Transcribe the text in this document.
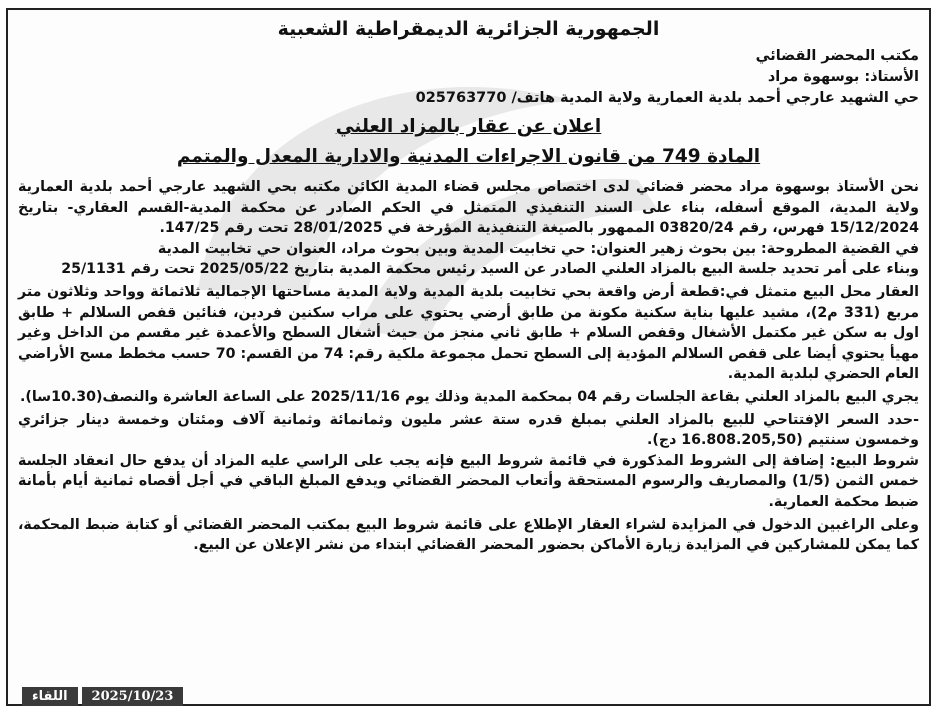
الجمهورية الجزائرية الديمقراطية الشعبية
مكتب المحضر القضائي
الأستاذ: بوسهوة مراد
حي الشهيد عارجي أحمد بلدية العمارية ولاية المدية هاتف/ 025763770
اعلان عن عقار بالمزاد العلني
المادة 749 من قانون الاجراءات المدنية والادارية المعدل والمتمم
نحن الأستاذ بوسهوة مراد محضر قضائي لدى اختصاص مجلس قضاء المدية الكائن مكتبه بحي الشهيد عارجي أحمد بلدية العمارية ولاية المدية، الموقع أسفله، بناء على السند التنفيذي المتمثل في الحكم الصادر عن محكمة المدية-القسم العقاري- بتاريخ 15/12/2024 فهرس، رقم 03820/24 الممهور بالصيغة التنفيذية المؤرخة في 28/01/2025 تحت رقم 147/25.
في القضية المطروحة: بين بحوث زهير العنوان: حي تخابيت المدية وبين بحوث مراد، العنوان حي تخابيت المدية
وبناء على أمر تحديد جلسة البيع بالمزاد العلني الصادر عن السيد رئيس محكمة المدية بتاريخ 2025/05/22 تحت رقم 25/1131
العقار محل البيع متمثل في:قطعة أرض واقعة بحي تخابيت بلدية المدية ولاية المدية مساحتها الإجمالية ثلاثمائة وواحد وثلاثون متر مربع (331 م2)، مشيد عليها بناية سكنية مكونة من طابق أرضي يحتوي على مراب سكنين فردين، فنائين قفص السلالم + طابق اول به سكن غير مكتمل الأشغال وقفص السلام + طابق ثاني منجز من حيث أشغال السطح والأعمدة غير مقسم من الداخل وغير مهيأ يحتوي أيضا على قفص السلالم المؤدية إلى السطح تحمل مجموعة ملكية رقم: 74 من القسم: 70 حسب مخطط مسح الأراضي العام الحضري لبلدية المدية.
يجري البيع بالمزاد العلني بقاعة الجلسات رقم 04 بمحكمة المدية وذلك يوم 2025/11/16 على الساعة العاشرة والنصف(10.30سا).
-حدد السعر الإفتتاحي للبيع بالمزاد العلني بمبلغ قدره ستة عشر مليون وثمانمائة وثمانية آلاف ومئتان وخمسة دينار جزائري وخمسون سنتيم (16.808.205,50 دج).
شروط البيع: إضافة إلى الشروط المذكورة في قائمة شروط البيع فإنه يجب على الراسي عليه المزاد أن يدفع حال انعقاد الجلسة خمس الثمن (1/5) والمصاريف والرسوم المستحقة وأتعاب المحضر القضائي ويدفع المبلغ الباقي في أجل أقصاه ثمانية أيام بأمانة ضبط محكمة العمارية.
وعلى الراغبين الدخول في المزايدة لشراء العقار الإطلاع على قائمة شروط البيع بمكتب المحضر القضائي أو كتابة ضبط المحكمة، كما يمكن للمشاركين في المزايدة زيارة الأماكن بحضور المحضر القضائي ابتداء من نشر الإعلان عن البيع.
اللقاء	2025/10/23
